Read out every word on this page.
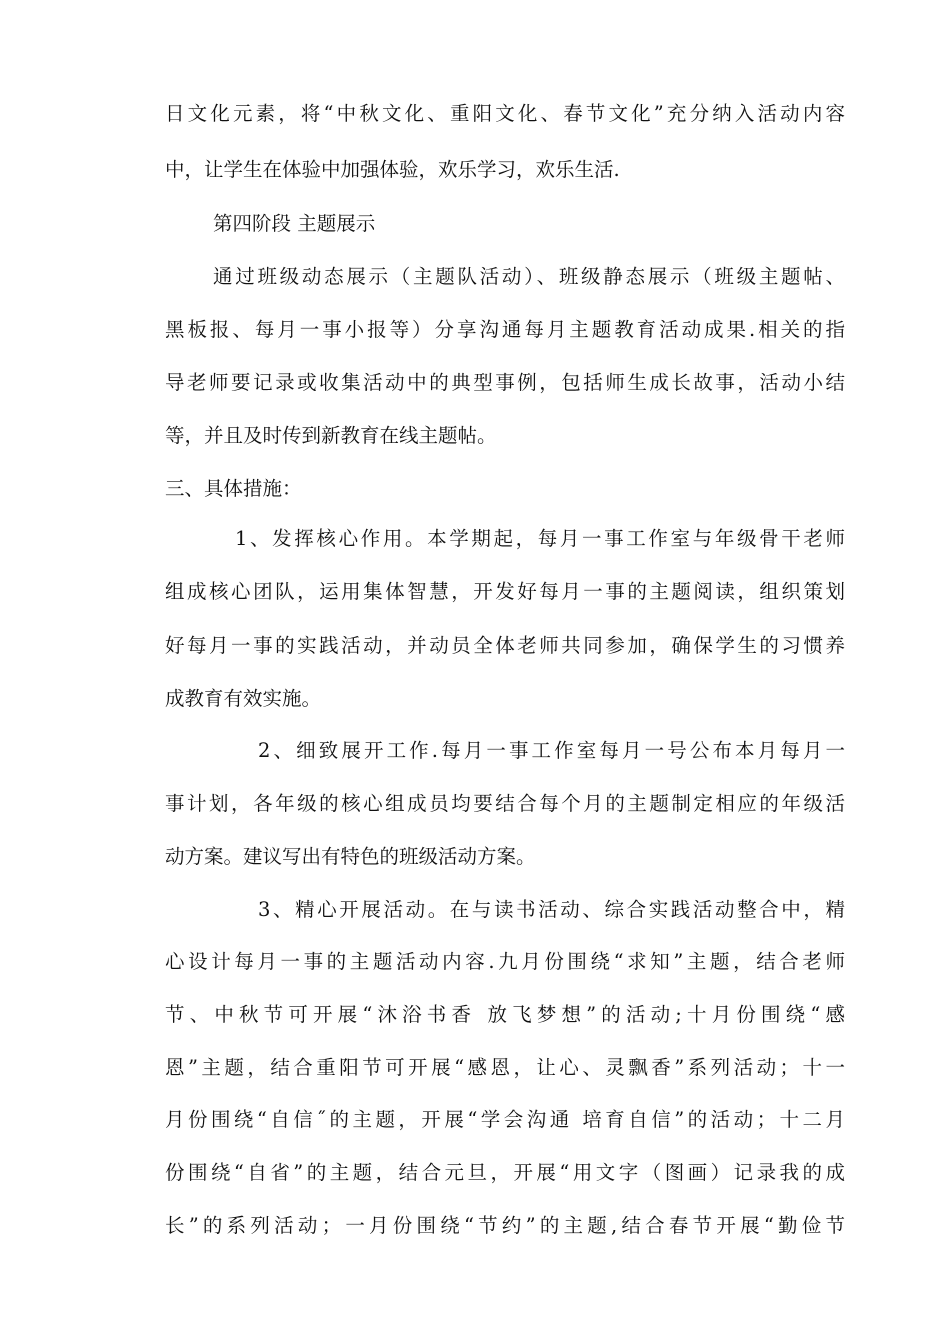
日文化元素，将“中秋文化、重阳文化、春节文化”充分纳入活动内容
中，让学生在体验中加强体验，欢乐学习，欢乐生活.
第四阶段 主题展示
通过班级动态展示（主题队活动）、班级静态展示（班级主题帖、
黑板报、每月一事小报等）分享沟通每月主题教育活动成果.相关的指
导老师要记录或收集活动中的典型事例，包括师生成长故事，活动小结
等，并且及时传到新教育在线主题帖。
三、具体措施：
1、发挥核心作用。本学期起，每月一事工作室与年级骨干老师
组成核心团队，运用集体智慧，开发好每月一事的主题阅读，组织策划
好每月一事的实践活动，并动员全体老师共同参加，确保学生的习惯养
成教育有效实施。
2、细致展开工作.每月一事工作室每月一号公布本月每月一
事计划，各年级的核心组成员均要结合每个月的主题制定相应的年级活
动方案。建议写出有特色的班级活动方案。
3、精心开展活动。在与读书活动、综合实践活动整合中，精
心设计每月一事的主题活动内容.九月份围绕“求知”主题，结合老师
节、中秋节可开展“沐浴书香 放飞梦想”的活动;十月份围绕“感
恩”主题，结合重阳节可开展“感恩，让心、灵飘香”系列活动；十一
月份围绕“自信˝的主题，开展“学会沟通 培育自信”的活动；十二月
份围绕“自省”的主题，结合元旦，开展“用文字（图画）记录我的成
长”的系列活动；一月份围绕“节约”的主题,结合春节开展“勤俭节
